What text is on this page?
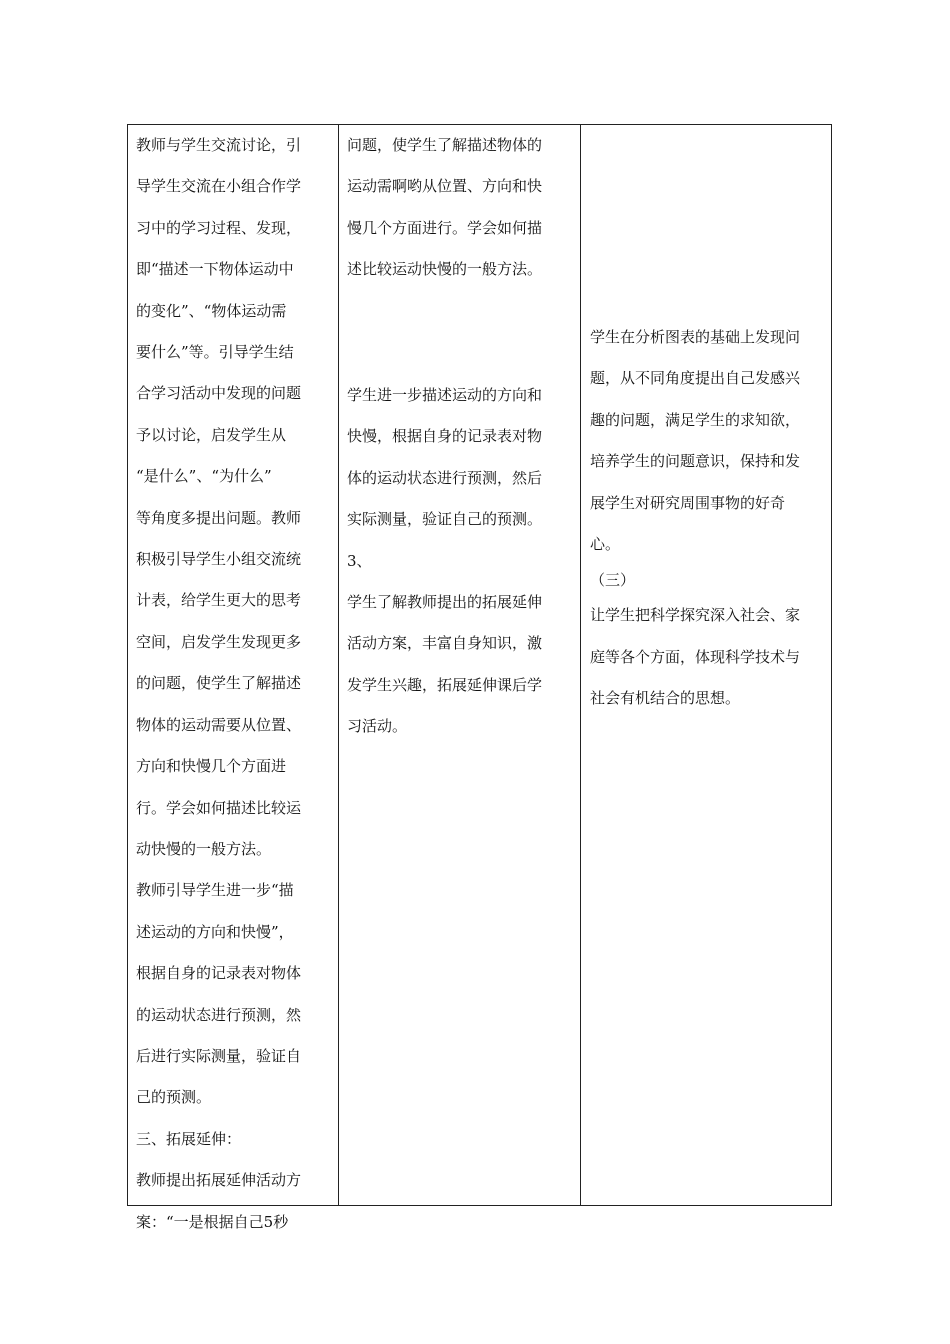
教师与学生交流讨论，引

导学生交流在小组合作学

习中的学习过程、发现，

即“描述一下物体运动中

的变化”、“物体运动需

要什么”等。引导学生结

合学习活动中发现的问题

予以讨论，启发学生从

“是什么”、“为什么”

等角度多提出问题。教师

积极引导学生小组交流统

计表，给学生更大的思考

空间，启发学生发现更多

的问题，使学生了解描述

物体的运动需要从位置、

方向和快慢几个方面进

行。学会如何描述比较运

动快慢的一般方法。

教师引导学生进一步“描

述运动的方向和快慢”，

根据自身的记录表对物体

的运动状态进行预测，然

后进行实际测量，验证自

己的预测。

三、拓展延伸：

教师提出拓展延伸活动方

案：“一是根据自己5秒

问题，使学生了解描述物体的

运动需啊哟从位置、方向和快

慢几个方面进行。学会如何描

述比较运动快慢的一般方法。

学生进一步描述运动的方向和

快慢，根据自身的记录表对物

体的运动状态进行预测，然后

实际测量，验证自己的预测。

3、

学生了解教师提出的拓展延伸

活动方案，丰富自身知识，激

发学生兴趣，拓展延伸课后学

习活动。

学生在分析图表的基础上发现问

题，从不同角度提出自己发感兴

趣的问题，满足学生的求知欲，

培养学生的问题意识，保持和发

展学生对研究周围事物的好奇

心。

（三）

让学生把科学探究深入社会、家

庭等各个方面，体现科学技术与

社会有机结合的思想。
